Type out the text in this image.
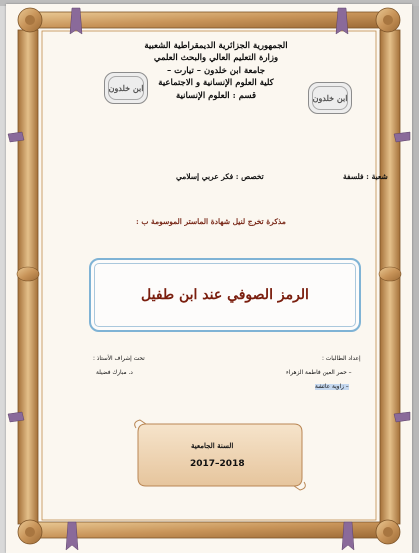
الجمهورية الجزائرية الديمقراطية الشعبية
وزارة التعليم العالي والبحث العلمي
جامعة ابن خلدون – تيارت –
كلية العلوم الإنسانية و الاجتماعية
قسم : العلوم الإنسانية
ابن خلدون
ابن خلدون
تخصص : فكر عربي إسلامي	شعبة : فلسفة
مذكرة تخرج لنيل شهادة الماستر الموسومة ب :
الرمز الصوفي عند ابن طفيل
إعداد الطالبات :
– حمر العين فاطمة الزهراء
– زاوية عائشة
تحت إشراف الأستاذ :
د. مبارك فضيلة
السنة الجامعية
2017–2018
